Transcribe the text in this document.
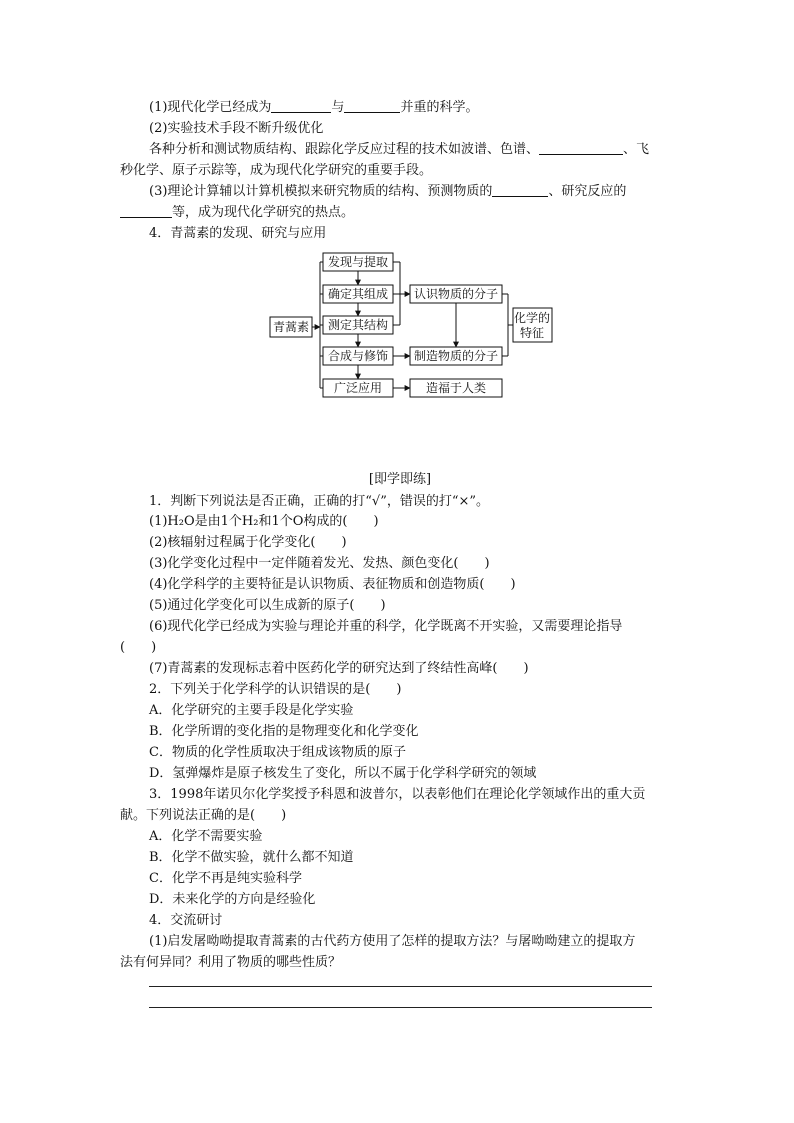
(1)现代化学已经成为	与	并重的科学。
(2)实验技术手段不断升级优化
各种分析和测试物质结构、跟踪化学反应过程的技术如波谱、色谱、	、飞
秒化学、原子示踪等，成为现代化学研究的重要手段。
(3)理论计算辅以计算机模拟来研究物质的结构、预测物质的	、研究反应的
等，成为现代化学研究的热点。
4．青蒿素的发现、研究与应用
青蒿素
发现与提取
确定其组成
测定其结构
合成与修饰
广泛应用
认识物质的分子
制造物质的分子
造福于人类
化学的
特征
[即学即练]
1．判断下列说法是否正确，正确的打“√”，错误的打“×”。
(1)H₂O是由1个H₂和1个O构成的(　　)
(2)核辐射过程属于化学变化(　　)
(3)化学变化过程中一定伴随着发光、发热、颜色变化(　　)
(4)化学科学的主要特征是认识物质、表征物质和创造物质(　　)
(5)通过化学变化可以生成新的原子(　　)
(6)现代化学已经成为实验与理论并重的科学，化学既离不开实验，又需要理论指导
(　　)
(7)青蒿素的发现标志着中医药化学的研究达到了终结性高峰(　　)
2．下列关于化学科学的认识错误的是(　　)
A．化学研究的主要手段是化学实验
B．化学所谓的变化指的是物理变化和化学变化
C．物质的化学性质取决于组成该物质的原子
D．氢弹爆炸是原子核发生了变化，所以不属于化学科学研究的领域
3．1998年诺贝尔化学奖授予科恩和波普尔，以表彰他们在理论化学领域作出的重大贡
献。下列说法正确的是(　　)
A．化学不需要实验
B．化学不做实验，就什么都不知道
C．化学不再是纯实验科学
D．未来化学的方向是经验化
4．交流研讨
(1)启发屠呦呦提取青蒿素的古代药方使用了怎样的提取方法？与屠呦呦建立的提取方
法有何异同？利用了物质的哪些性质？
